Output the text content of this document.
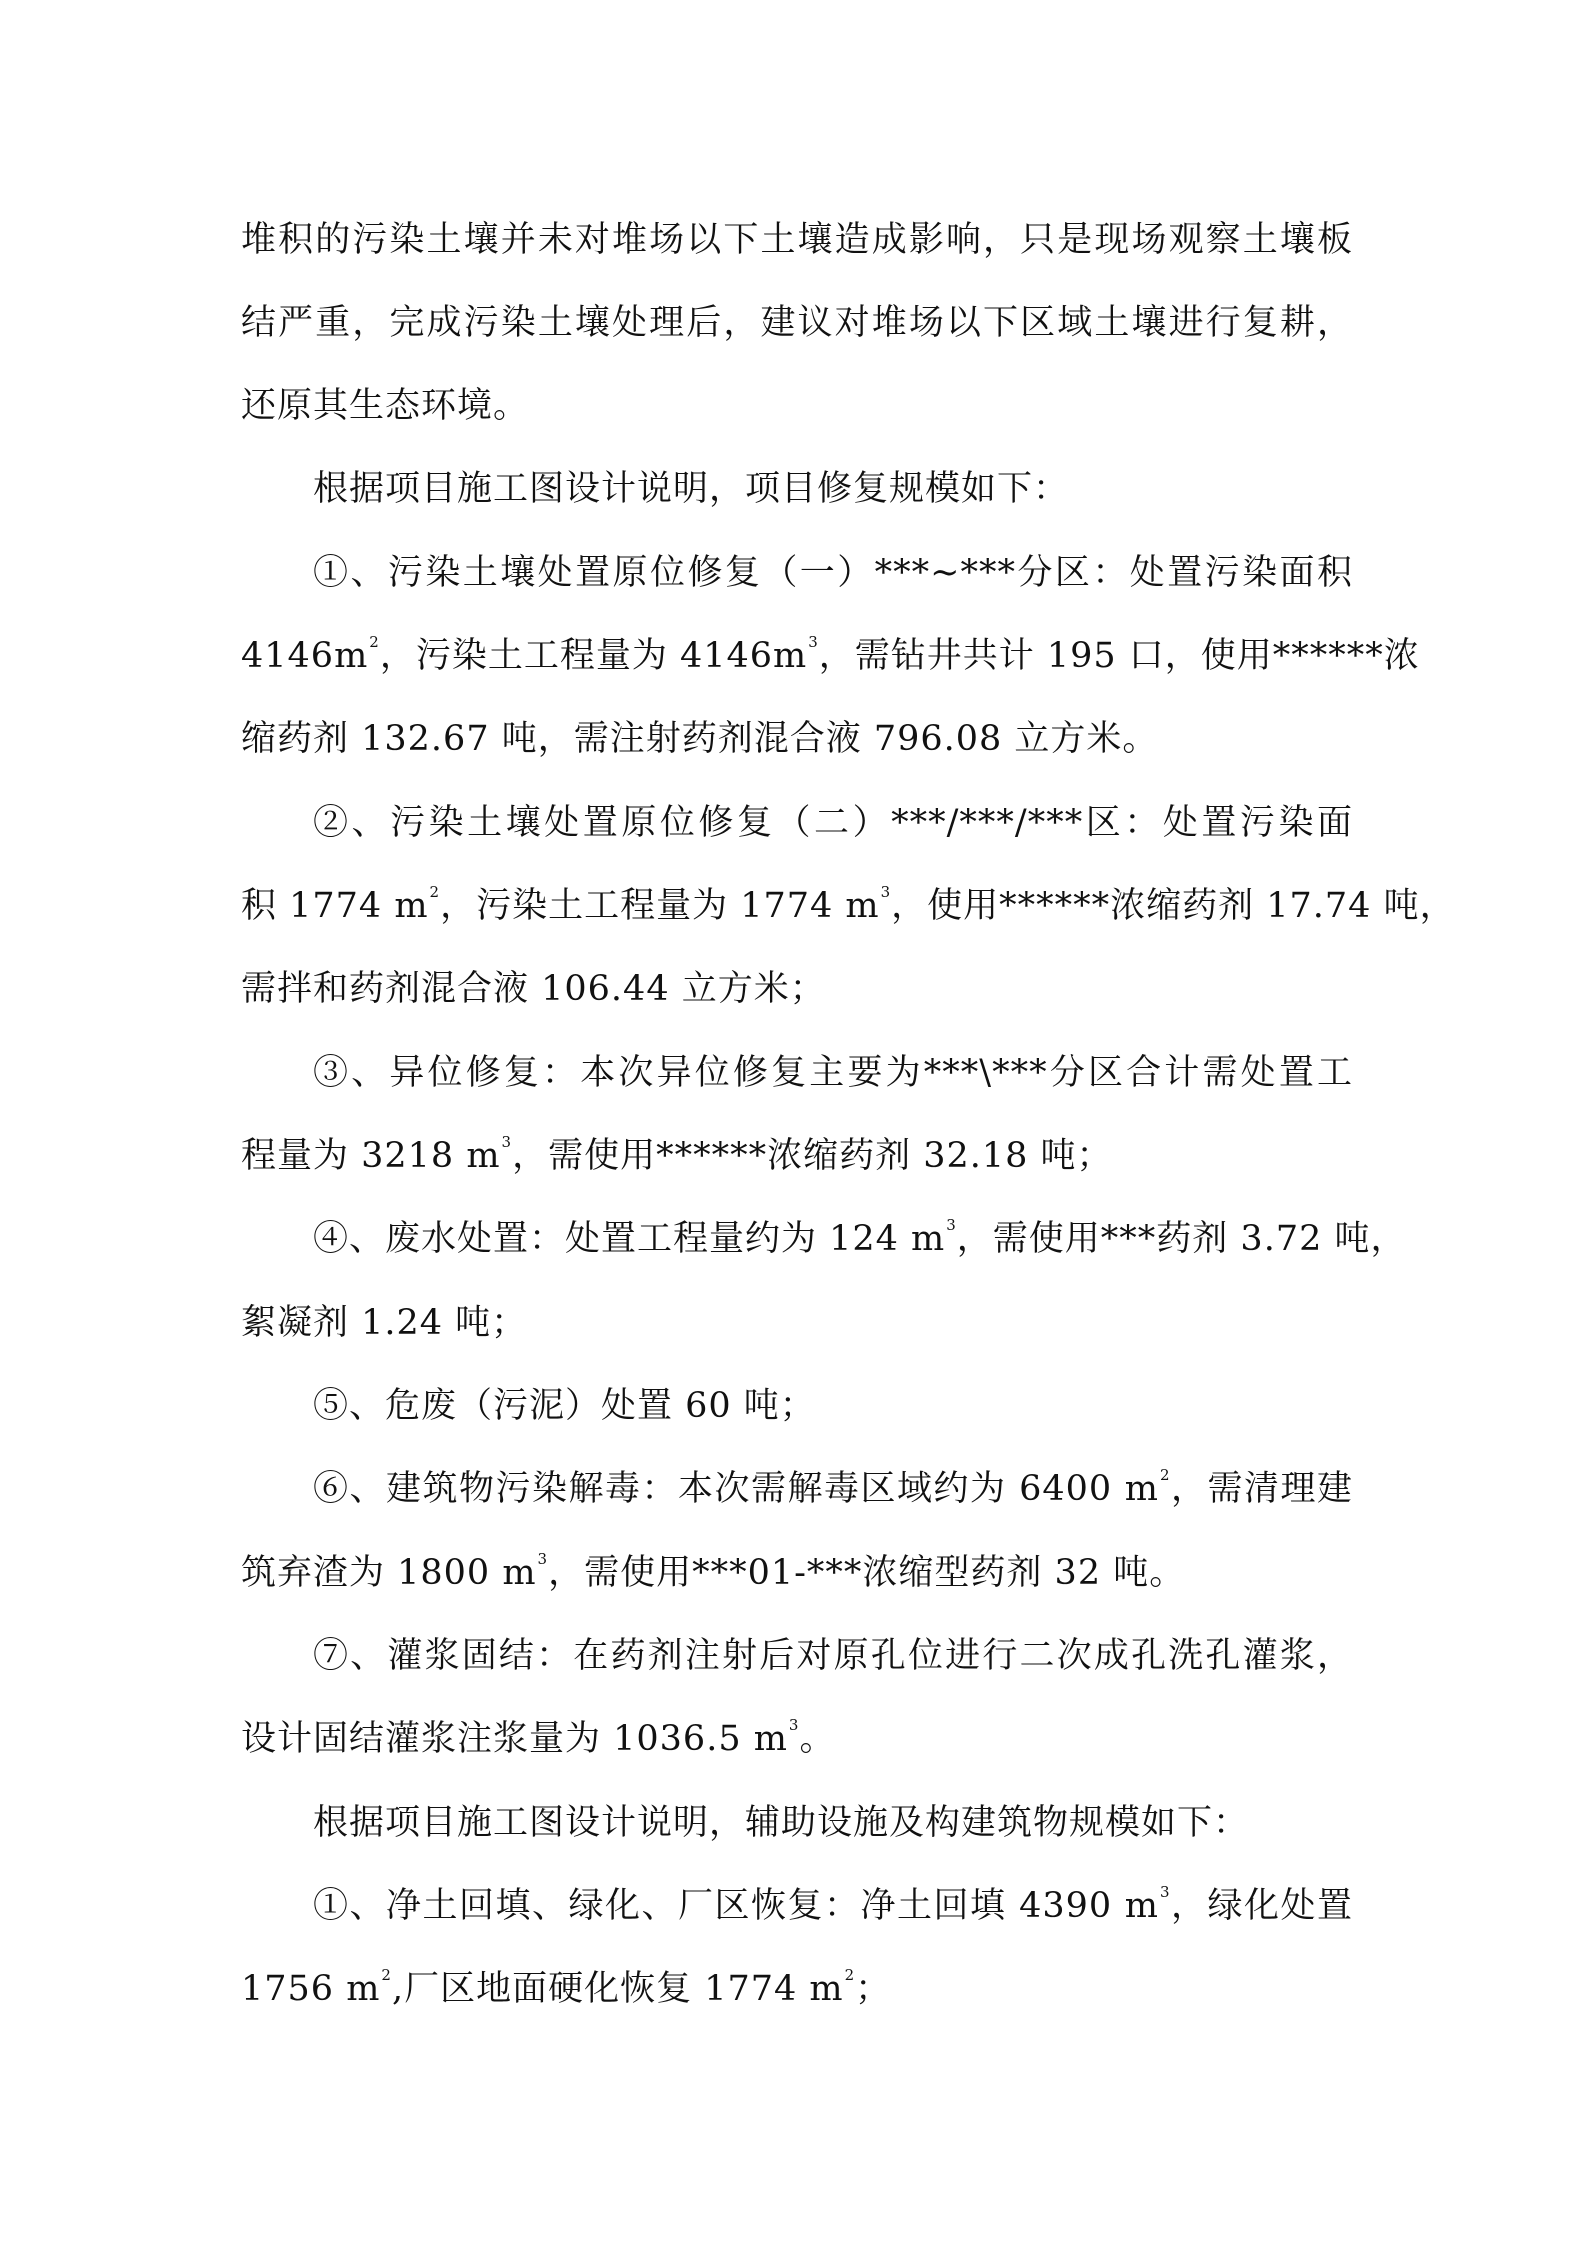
堆积的污染土壤并未对堆场以下土壤造成影响，只是现场观察土壤板
结严重，完成污染土壤处理后，建议对堆场以下区域土壤进行复耕，
还原其生态环境。
根据项目施工图设计说明，项目修复规模如下：
①、污染土壤处置原位修复（一）***~***分区：处置污染面积
$4146m^2$，污染土工程量为 $4146m^3$，需钻井共计 195 口，使用******浓
缩药剂 132.67 吨，需注射药剂混合液 796.08 立方米。
②、污染土壤处置原位修复（二）***/***/***区：处置污染面
积 1774 $m^2$，污染土工程量为 1774 $m^3$，使用******浓缩药剂 17.74 吨，
需拌和药剂混合液 106.44 立方米；
③、异位修复：本次异位修复主要为***\***分区合计需处置工
程量为 3218 $m^3$，需使用******浓缩药剂 32.18 吨；
④、废水处置：处置工程量约为 124 $m^3$，需使用***药剂 3.72 吨，
絮凝剂 1.24 吨；
⑤、危废（污泥）处置 60 吨；
⑥、建筑物污染解毒：本次需解毒区域约为 6400 $m^2$，需清理建
筑弃渣为 1800 $m^3$，需使用***01-***浓缩型药剂 32 吨。
⑦、灌浆固结：在药剂注射后对原孔位进行二次成孔洗孔灌浆，
设计固结灌浆注浆量为 1036.5 $m^3$。
根据项目施工图设计说明，辅助设施及构建筑物规模如下：
①、净土回填、绿化、厂区恢复：净土回填 4390 $m^3$，绿化处置
1756 $m^2$,厂区地面硬化恢复 1774 $m^2$；
